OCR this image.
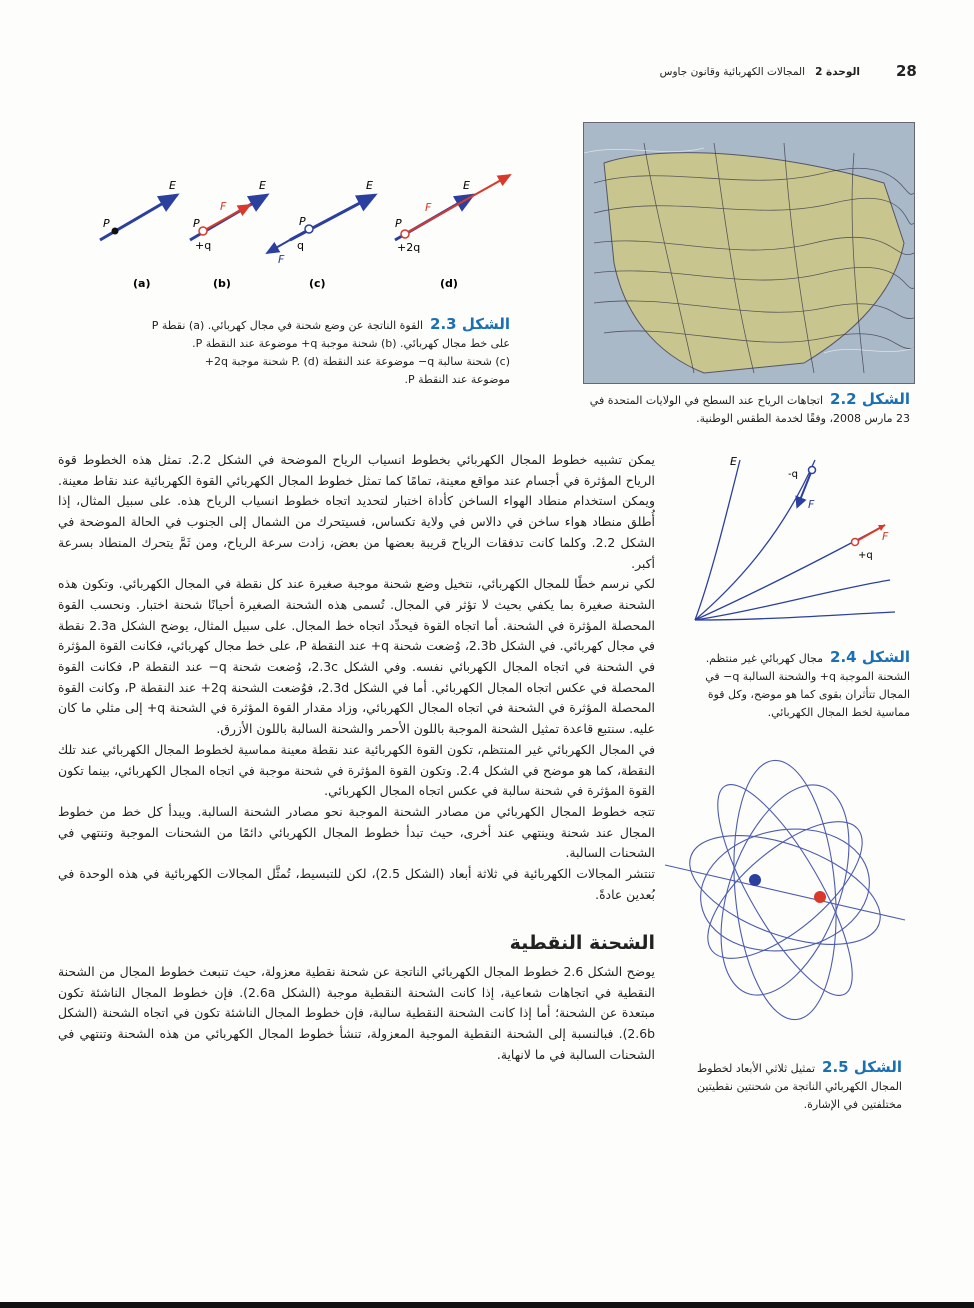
28
الوحدة 2   المجالات الكهربائية وقانون جاوس
P
E
P
F
E
+q
P
F
E
q
P
F
E
+2q
(a)	(b)	(c)	(d)
الشكل 2.3  القوة الناتجة عن وضع شحنة في مجال كهربائي. (a) نقطة P
على خط مجال كهربائي. (b) شحنة موجبة q+ موضوعة عند النقطة P.
(c) شحنة سالبة q− موضوعة عند النقطة P. (d) شحنة موجبة 2q+
موضوعة عند النقطة P.
الشكل 2.2  اتجاهات الرياح عند السطح في الولايات المتحدة في
23 مارس 2008، وفقًا لخدمة الطقس الوطنية.
E
-q
F
F
+q
الشكل 2.4  مجال كهربائي غير منتظم.
الشحنة الموجبة q+ والشحنة السالبة q− في
المجال تتأثران بقوى كما هو موضح، وكل قوة
مماسية لخط المجال الكهربائي.
الشكل 2.5  تمثيل ثلاثي الأبعاد لخطوط
المجال الكهربائي الناتجة من شحنتين نقطيتين
مختلفتين في الإشارة.

يمكن تشبيه خطوط المجال الكهربائي بخطوط انسياب الرياح الموضحة في الشكل 2.2. تمثل هذه الخطوط قوة الرياح المؤثرة في أجسام عند مواقع معينة، تمامًا كما تمثل خطوط المجال الكهربائي القوة الكهربائية عند نقاط معينة. ويمكن استخدام منطاد الهواء الساخن كأداة اختبار لتحديد اتجاه خطوط انسياب الرياح هذه. على سبيل المثال، إذا أُطلق منطاد هواء ساخن في دالاس في ولاية تكساس، فسيتحرك من الشمال إلى الجنوب في الحالة الموضحة في الشكل 2.2. وكلما كانت تدفقات الرياح قريبة بعضها من بعض، زادت سرعة الرياح، ومن ثَمَّ يتحرك المنطاد بسرعة أكبر.

لكي نرسم خطًا للمجال الكهربائي، نتخيل وضع شحنة موجبة صغيرة عند كل نقطة في المجال الكهربائي. وتكون هذه الشحنة صغيرة بما يكفي بحيث لا تؤثر في المجال. تُسمى هذه الشحنة الصغيرة أحيانًا شحنة اختبار. ونحسب القوة المحصلة المؤثرة في الشحنة. أما اتجاه القوة فيحدِّد اتجاه خط المجال. على سبيل المثال، يوضح الشكل 2.3a نقطة في مجال كهربائي. في الشكل 2.3b، وُضعت شحنة q+ عند النقطة P، على خط مجال كهربائي، فكانت القوة المؤثرة في الشحنة في اتجاه المجال الكهربائي نفسه. وفي الشكل 2.3c، وُضعت شحنة q− عند النقطة P، فكانت القوة المحصلة في عكس اتجاه المجال الكهربائي. أما في الشكل 2.3d، فوُضعت الشحنة 2q+ عند النقطة P، وكانت القوة المحصلة المؤثرة في الشحنة في اتجاه المجال الكهربائي، وزاد مقدار القوة المؤثرة في الشحنة q+ إلى مثلي ما كان عليه. سنتبع قاعدة تمثيل الشحنة الموجبة باللون الأحمر والشحنة السالبة باللون الأزرق.

في المجال الكهربائي غير المنتظم، تكون القوة الكهربائية عند نقطة معينة مماسية لخطوط المجال الكهربائي عند تلك النقطة، كما هو موضح في الشكل 2.4. وتكون القوة المؤثرة في شحنة موجبة في اتجاه المجال الكهربائي، بينما تكون القوة المؤثرة في شحنة سالبة في عكس اتجاه المجال الكهربائي.

تتجه خطوط المجال الكهربائي من مصادر الشحنة الموجبة نحو مصادر الشحنة السالبة. ويبدأ كل خط من خطوط المجال عند شحنة وينتهي عند أخرى، حيث تبدأ خطوط المجال الكهربائي دائمًا من الشحنات الموجبة وتنتهي في الشحنات السالبة.

تنتشر المجالات الكهربائية في ثلاثة أبعاد (الشكل 2.5)، لكن للتبسيط، تُمثَّل المجالات الكهربائية في هذه الوحدة في بُعدين عادةً.

الشحنة النقطية

يوضح الشكل 2.6 خطوط المجال الكهربائي الناتجة عن شحنة نقطية معزولة، حيث تنبعث خطوط المجال من الشحنة النقطية في اتجاهات شعاعية، إذا كانت الشحنة النقطية موجبة (الشكل 2.6a). فإن خطوط المجال الناشئة تكون مبتعدة عن الشحنة؛ أما إذا كانت الشحنة النقطية سالبة، فإن خطوط المجال الناشئة تكون في اتجاه الشحنة (الشكل 2.6b). فبالنسبة إلى الشحنة النقطية الموجبة المعزولة، تنشأ خطوط المجال الكهربائي من هذه الشحنة وتنتهي في الشحنات السالبة في ما لانهاية.
